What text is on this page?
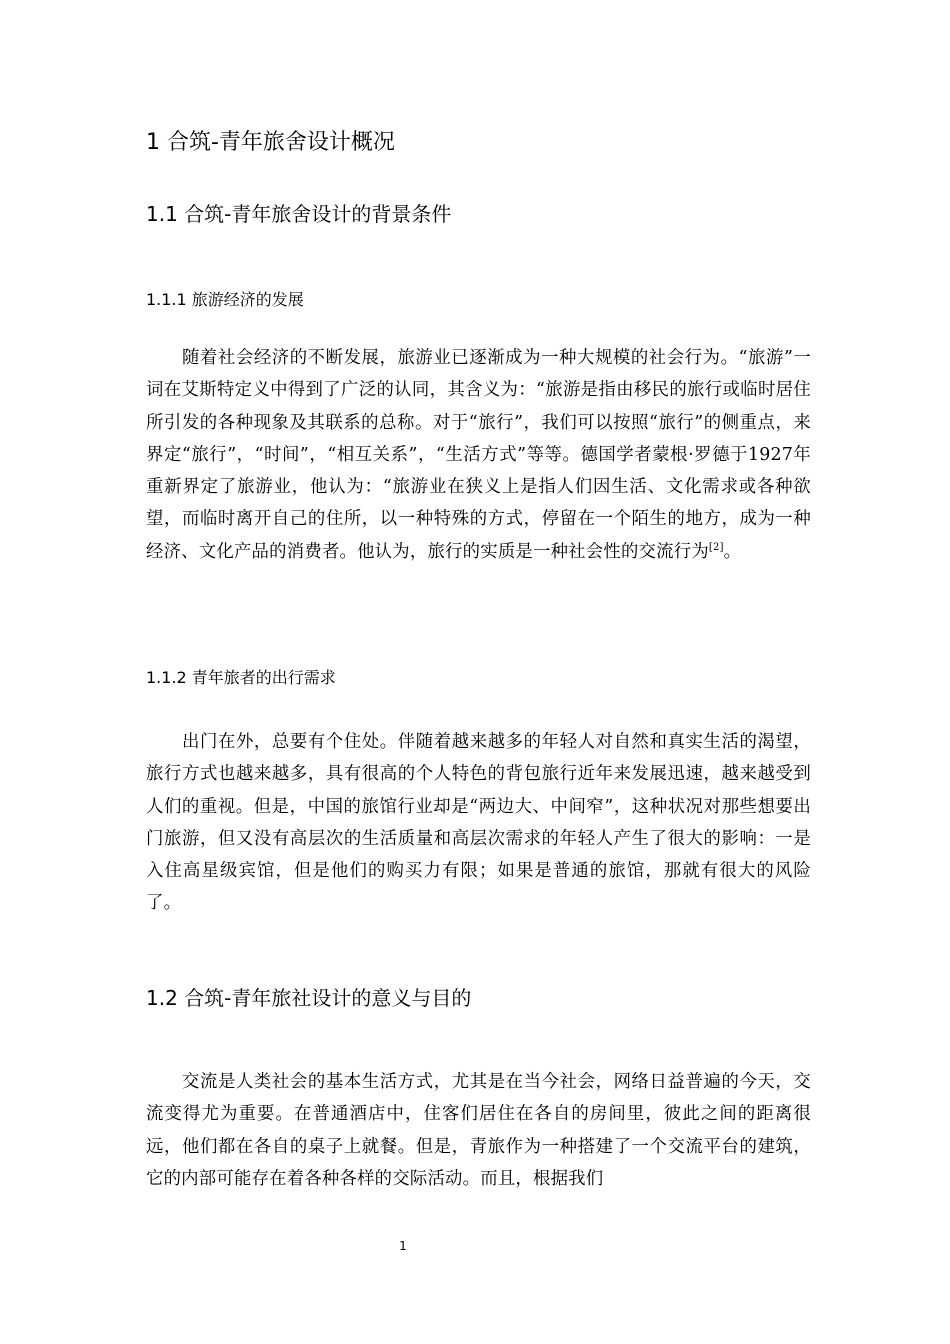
1 合筑-青年旅舍设计概况
1.1 合筑-青年旅舍设计的背景条件
1.1.1 旅游经济的发展

随着社会经济的不断发展，旅游业已逐渐成为一种大规模的社会行为。“旅游”一词在艾斯特定义中得到了广泛的认同，其含义为：“旅游是指由移民的旅行或临时居住所引发的各种现象及其联系的总称。对于“旅行”，我们可以按照“旅行”的侧重点，来界定“旅行”，“时间”，“相互关系”，“生活方式”等等。德国学者蒙根·罗德于1927年重新界定了旅游业，他认为：“旅游业在狭义上是指人们因生活、文化需求或各种欲望，而临时离开自己的住所，以一种特殊的方式，停留在一个陌生的地方，成为一种经济、文化产品的消费者。他认为，旅行的实质是一种社会性的交流行为[2]。

1.1.2 青年旅者的出行需求

出门在外，总要有个住处。伴随着越来越多的年轻人对自然和真实生活的渴望，旅行方式也越来越多，具有很高的个人特色的背包旅行近年来发展迅速，越来越受到人们的重视。但是，中国的旅馆行业却是“两边大、中间窄”，这种状况对那些想要出门旅游，但又没有高层次的生活质量和高层次需求的年轻人产生了很大的影响：一是入住高星级宾馆，但是他们的购买力有限；如果是普通的旅馆，那就有很大的风险了。

1.2 合筑-青年旅社设计的意义与目的

交流是人类社会的基本生活方式，尤其是在当今社会，网络日益普遍的今天，交流变得尤为重要。在普通酒店中，住客们居住在各自的房间里，彼此之间的距离很远，他们都在各自的桌子上就餐。但是，青旅作为一种搭建了一个交流平台的建筑，它的内部可能存在着各种各样的交际活动。而且，根据我们

1
